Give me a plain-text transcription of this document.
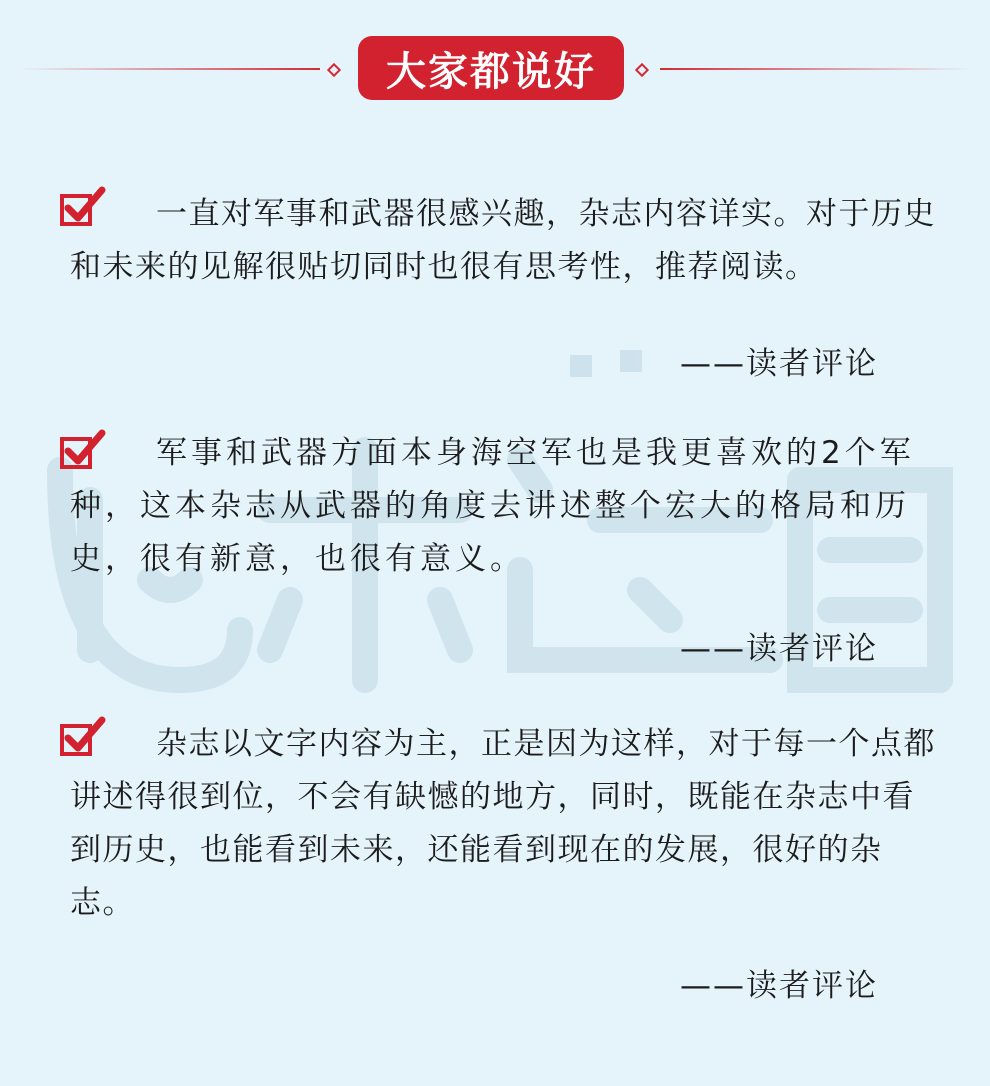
大家都说好

一直对军事和武器很感兴趣，杂志内容详实。对于历史和未来的见解很贴切同时也很有思考性，推荐阅读。

——读者评论

军事和武器方面本身海空军也是我更喜欢的2个军种，这本杂志从武器的角度去讲述整个宏大的格局和历史，很有新意，也很有意义。

——读者评论

杂志以文字内容为主，正是因为这样，对于每一个点都讲述得很到位，不会有缺憾的地方，同时，既能在杂志中看到历史，也能看到未来，还能看到现在的发展，很好的杂志。

——读者评论
